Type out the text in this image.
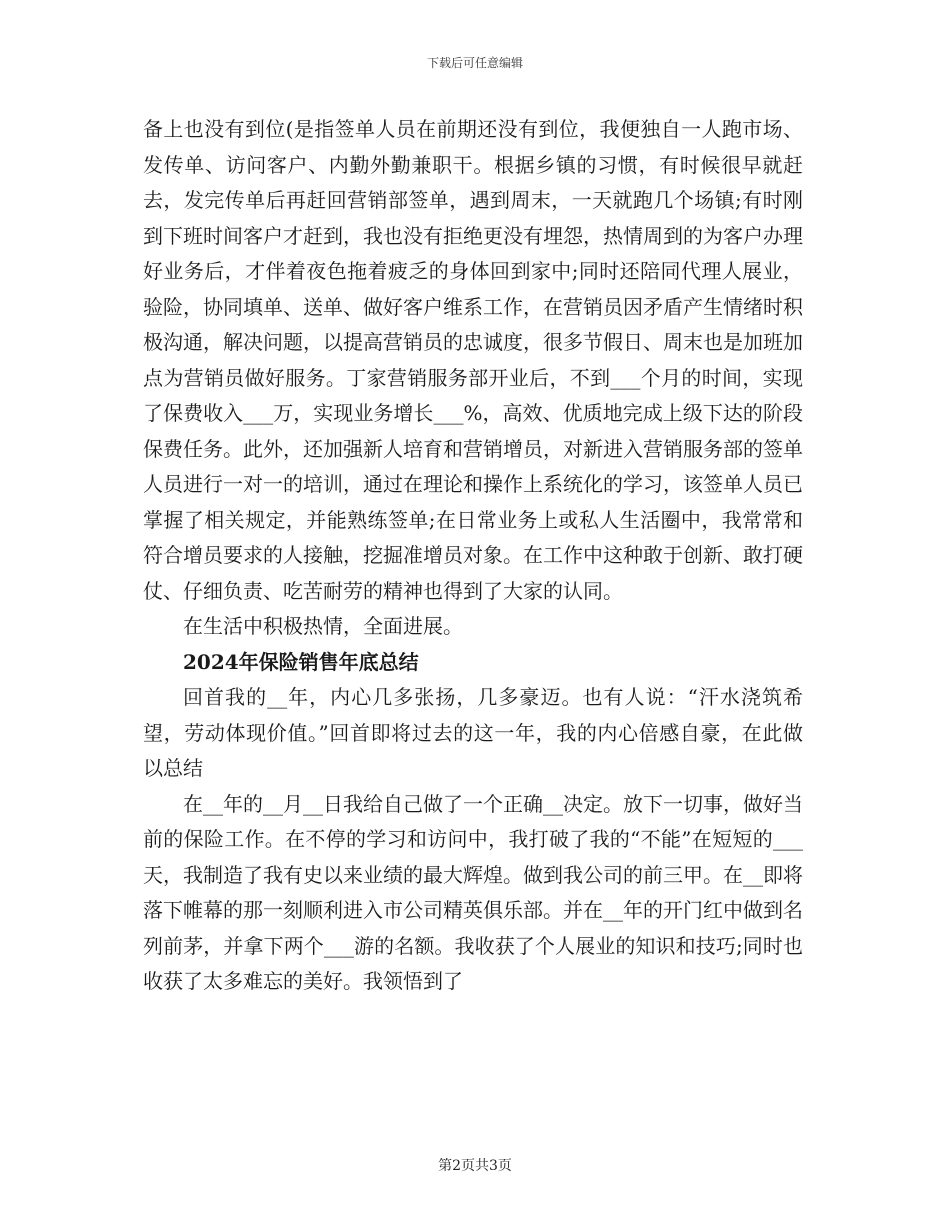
下载后可任意编辑

备上也没有到位(是指签单人员在前期还没有到位，我便独自一人跑市场、发传单、访问客户、内勤外勤兼职干。根据乡镇的习惯，有时候很早就赶去，发完传单后再赶回营销部签单，遇到周末，一天就跑几个场镇;有时刚到下班时间客户才赶到，我也没有拒绝更没有埋怨，热情周到的为客户办理好业务后，才伴着夜色拖着疲乏的身体回到家中;同时还陪同代理人展业，验险，协同填单、送单、做好客户维系工作，在营销员因矛盾产生情绪时积极沟通，解决问题，以提高营销员的忠诚度，很多节假日、周末也是加班加点为营销员做好服务。丁家营销服务部开业后，不到___个月的时间，实现了保费收入___万，实现业务增长___%，高效、优质地完成上级下达的阶段保费任务。此外，还加强新人培育和营销增员，对新进入营销服务部的签单人员进行一对一的培训，通过在理论和操作上系统化的学习，该签单人员已掌握了相关规定，并能熟练签单;在日常业务上或私人生活圈中，我常常和符合增员要求的人接触，挖掘准增员对象。在工作中这种敢于创新、敢打硬仗、仔细负责、吃苦耐劳的精神也得到了大家的认同。

在生活中积极热情，全面进展。

2024年保险销售年底总结

回首我的__年，内心几多张扬，几多豪迈。也有人说：“汗水浇筑希望，劳动体现价值。”回首即将过去的这一年，我的内心倍感自豪，在此做以总结

在__年的__月__日我给自己做了一个正确__决定。放下一切事，做好当前的保险工作。在不停的学习和访问中，我打破了我的“不能”在短短的___天，我制造了我有史以来业绩的最大辉煌。做到我公司的前三甲。在__即将落下帷幕的那一刻顺利进入市公司精英俱乐部。并在__年的开门红中做到名列前茅，并拿下两个___游的名额。我收获了个人展业的知识和技巧;同时也收获了太多难忘的美好。我领悟到了

第2页共3页
